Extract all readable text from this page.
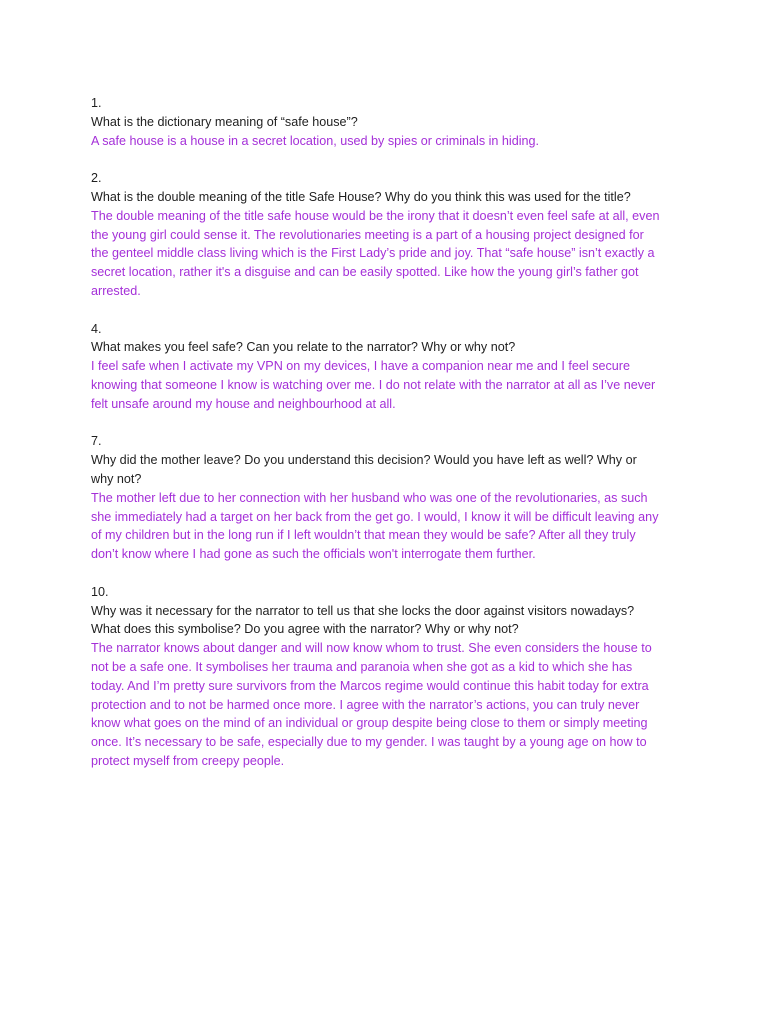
1.

What is the dictionary meaning of “safe house”?

A safe house is a house in a secret location, used by spies or criminals in hiding.

2.

What is the double meaning of the title Safe House? Why do you think this was used for the title?

The double meaning of the title safe house would be the irony that it doesn’t even feel safe at all, even the young girl could sense it. The revolutionaries meeting is a part of a housing project designed for the genteel middle class living which is the First Lady’s pride and joy. That “safe house” isn’t exactly a secret location, rather it's a disguise and can be easily spotted. Like how the young girl’s father got arrested.

4.

What makes you feel safe? Can you relate to the narrator? Why or why not?

I feel safe when I activate my VPN on my devices, I have a companion near me and I feel secure knowing that someone I know is watching over me. I do not relate with the narrator at all as I’ve never felt unsafe around my house and neighbourhood at all.

7.

Why did the mother leave? Do you understand this decision? Would you have left as well? Why or why not?

The mother left due to her connection with her husband who was one of the revolutionaries, as such she immediately had a target on her back from the get go. I would, I know it will be difficult leaving any of my children but in the long run if I left wouldn’t that mean they would be safe? After all they truly don’t know where I had gone as such the officials won't interrogate them further.

10.

Why was it necessary for the narrator to tell us that she locks the door against visitors nowadays? What does this symbolise? Do you agree with the narrator? Why or why not?

The narrator knows about danger and will now know whom to trust. She even considers the house to not be a safe one. It symbolises her trauma and paranoia when she got as a kid to which she has today. And I’m pretty sure survivors from the Marcos regime would continue this habit today for extra protection and to not be harmed once more. I agree with the narrator’s actions, you can truly never know what goes on the mind of an individual or group despite being close to them or simply meeting once. It’s necessary to be safe, especially due to my gender. I was taught by a young age on how to protect myself from creepy people.
